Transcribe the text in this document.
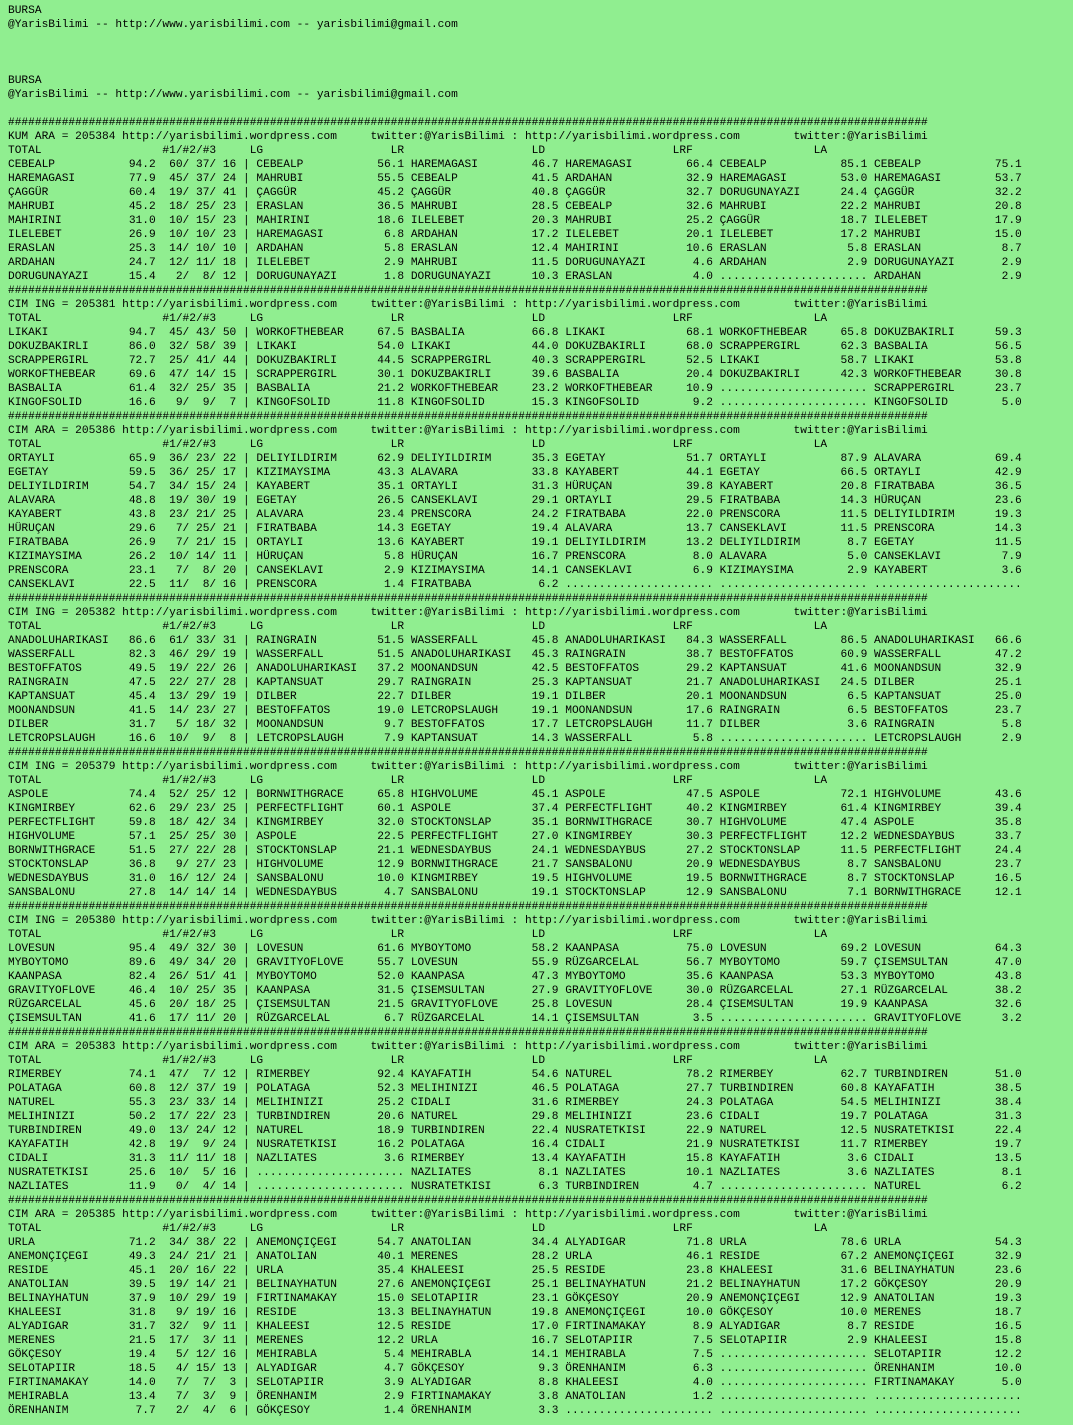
BURSA
@YarisBilimi -- http://www.yarisbilimi.com -- yarisbilimi@gmail.com

BURSA
@YarisBilimi -- http://www.yarisbilimi.com -- yarisbilimi@gmail.com

#########################################################################################################################################
KUM ARA = 205384 http://yarisbilimi.wordpress.com     twitter:@YarisBilimi : http://yarisbilimi.wordpress.com        twitter:@YarisBilimi
TOTAL                  #1/#2/#3     LG                   LR                   LD                   LRF                  LA
CEBEALP           94.2  60/ 37/ 16 | CEBEALP           56.1 HAREMAGASI        46.7 HAREMAGASI        66.4 CEBEALP           85.1 CEBEALP           75.1
HAREMAGASI        77.9  45/ 37/ 24 | MAHRUBI           55.5 CEBEALP           41.5 ARDAHAN           32.9 HAREMAGASI        53.0 HAREMAGASI        53.7
ÇAGGÜR            60.4  19/ 37/ 41 | ÇAGGÜR            45.2 ÇAGGÜR            40.8 ÇAGGÜR            32.7 DORUGUNAYAZI      24.4 ÇAGGÜR            32.2
MAHRUBI           45.2  18/ 25/ 23 | ERASLAN           36.5 MAHRUBI           28.5 CEBEALP           32.6 MAHRUBI           22.2 MAHRUBI           20.8
MAHIRINI          31.0  10/ 15/ 23 | MAHIRINI          18.6 ILELEBET          20.3 MAHRUBI           25.2 ÇAGGÜR            18.7 ILELEBET          17.9
ILELEBET          26.9  10/ 10/ 23 | HAREMAGASI         6.8 ARDAHAN           17.2 ILELEBET          20.1 ILELEBET          17.2 MAHRUBI           15.0
ERASLAN           25.3  14/ 10/ 10 | ARDAHAN            5.8 ERASLAN           12.4 MAHIRINI          10.6 ERASLAN            5.8 ERASLAN            8.7
ARDAHAN           24.7  12/ 11/ 18 | ILELEBET           2.9 MAHRUBI           11.5 DORUGUNAYAZI       4.6 ARDAHAN            2.9 DORUGUNAYAZI       2.9
DORUGUNAYAZI      15.4   2/  8/ 12 | DORUGUNAYAZI       1.8 DORUGUNAYAZI      10.3 ERASLAN            4.0 ...................... ARDAHAN            2.9
#########################################################################################################################################
CIM ING = 205381 http://yarisbilimi.wordpress.com     twitter:@YarisBilimi : http://yarisbilimi.wordpress.com        twitter:@YarisBilimi
TOTAL                  #1/#2/#3     LG                   LR                   LD                   LRF                  LA
LIKAKI            94.7  45/ 43/ 50 | WORKOFTHEBEAR     67.5 BASBALIA          66.8 LIKAKI            68.1 WORKOFTHEBEAR     65.8 DOKUZBAKIRLI      59.3
DOKUZBAKIRLI      86.0  32/ 58/ 39 | LIKAKI            54.0 LIKAKI            44.0 DOKUZBAKIRLI      68.0 SCRAPPERGIRL      62.3 BASBALIA          56.5
SCRAPPERGIRL      72.7  25/ 41/ 44 | DOKUZBAKIRLI      44.5 SCRAPPERGIRL      40.3 SCRAPPERGIRL      52.5 LIKAKI            58.7 LIKAKI            53.8
WORKOFTHEBEAR     69.6  47/ 14/ 15 | SCRAPPERGIRL      30.1 DOKUZBAKIRLI      39.6 BASBALIA          20.4 DOKUZBAKIRLI      42.3 WORKOFTHEBEAR     30.8
BASBALIA          61.4  32/ 25/ 35 | BASBALIA          21.2 WORKOFTHEBEAR     23.2 WORKOFTHEBEAR     10.9 ...................... SCRAPPERGIRL      23.7
KINGOFSOLID       16.6   9/  9/  7 | KINGOFSOLID       11.8 KINGOFSOLID       15.3 KINGOFSOLID        9.2 ...................... KINGOFSOLID        5.0
#########################################################################################################################################
CIM ARA = 205386 http://yarisbilimi.wordpress.com     twitter:@YarisBilimi : http://yarisbilimi.wordpress.com        twitter:@YarisBilimi
TOTAL                  #1/#2/#3     LG                   LR                   LD                   LRF                  LA
ORTAYLI           65.9  36/ 23/ 22 | DELIYILDIRIM      62.9 DELIYILDIRIM      35.3 EGETAY            51.7 ORTAYLI           87.9 ALAVARA           69.4
EGETAY            59.5  36/ 25/ 17 | KIZIMAYSIMA       43.3 ALAVARA           33.8 KAYABERT          44.1 EGETAY            66.5 ORTAYLI           42.9
DELIYILDIRIM      54.7  34/ 15/ 24 | KAYABERT          35.1 ORTAYLI           31.3 HÜRUÇAN           39.8 KAYABERT          20.8 FIRATBABA         36.5
ALAVARA           48.8  19/ 30/ 19 | EGETAY            26.5 CANSEKLAVI        29.1 ORTAYLI           29.5 FIRATBABA         14.3 HÜRUÇAN           23.6
KAYABERT          43.8  23/ 21/ 25 | ALAVARA           23.4 PRENSCORA         24.2 FIRATBABA         22.0 PRENSCORA         11.5 DELIYILDIRIM      19.3
HÜRUÇAN           29.6   7/ 25/ 21 | FIRATBABA         14.3 EGETAY            19.4 ALAVARA           13.7 CANSEKLAVI        11.5 PRENSCORA         14.3
FIRATBABA         26.9   7/ 21/ 15 | ORTAYLI           13.6 KAYABERT          19.1 DELIYILDIRIM      13.2 DELIYILDIRIM       8.7 EGETAY            11.5
KIZIMAYSIMA       26.2  10/ 14/ 11 | HÜRUÇAN            5.8 HÜRUÇAN           16.7 PRENSCORA          8.0 ALAVARA            5.0 CANSEKLAVI         7.9
PRENSCORA         23.1   7/  8/ 20 | CANSEKLAVI         2.9 KIZIMAYSIMA       14.1 CANSEKLAVI         6.9 KIZIMAYSIMA        2.9 KAYABERT           3.6
CANSEKLAVI        22.5  11/  8/ 16 | PRENSCORA          1.4 FIRATBABA          6.2 ...................... ...................... ......................
#########################################################################################################################################
CIM ING = 205382 http://yarisbilimi.wordpress.com     twitter:@YarisBilimi : http://yarisbilimi.wordpress.com        twitter:@YarisBilimi
TOTAL                  #1/#2/#3     LG                   LR                   LD                   LRF                  LA
ANADOLUHARIKASI   86.6  61/ 33/ 31 | RAINGRAIN         51.5 WASSERFALL        45.8 ANADOLUHARIKASI   84.3 WASSERFALL        86.5 ANADOLUHARIKASI   66.6
WASSERFALL        82.3  46/ 29/ 19 | WASSERFALL        51.5 ANADOLUHARIKASI   45.3 RAINGRAIN         38.7 BESTOFFATOS       60.9 WASSERFALL        47.2
BESTOFFATOS       49.5  19/ 22/ 26 | ANADOLUHARIKASI   37.2 MOONANDSUN        42.5 BESTOFFATOS       29.2 KAPTANSUAT        41.6 MOONANDSUN        32.9
RAINGRAIN         47.5  22/ 27/ 28 | KAPTANSUAT        29.7 RAINGRAIN         25.3 KAPTANSUAT        21.7 ANADOLUHARIKASI   24.5 DILBER            25.1
KAPTANSUAT        45.4  13/ 29/ 19 | DILBER            22.7 DILBER            19.1 DILBER            20.1 MOONANDSUN         6.5 KAPTANSUAT        25.0
MOONANDSUN        41.5  14/ 23/ 27 | BESTOFFATOS       19.0 LETCROPSLAUGH     19.1 MOONANDSUN        17.6 RAINGRAIN          6.5 BESTOFFATOS       23.7
DILBER            31.7   5/ 18/ 32 | MOONANDSUN         9.7 BESTOFFATOS       17.7 LETCROPSLAUGH     11.7 DILBER             3.6 RAINGRAIN          5.8
LETCROPSLAUGH     16.6  10/  9/  8 | LETCROPSLAUGH      7.9 KAPTANSUAT        14.3 WASSERFALL         5.8 ...................... LETCROPSLAUGH      2.9
#########################################################################################################################################
CIM ING = 205379 http://yarisbilimi.wordpress.com     twitter:@YarisBilimi : http://yarisbilimi.wordpress.com        twitter:@YarisBilimi
TOTAL                  #1/#2/#3     LG                   LR                   LD                   LRF                  LA
ASPOLE            74.4  52/ 25/ 12 | BORNWITHGRACE     65.8 HIGHVOLUME        45.1 ASPOLE            47.5 ASPOLE            72.1 HIGHVOLUME        43.6
KINGMIRBEY        62.6  29/ 23/ 25 | PERFECTFLIGHT     60.1 ASPOLE            37.4 PERFECTFLIGHT     40.2 KINGMIRBEY        61.4 KINGMIRBEY        39.4
PERFECTFLIGHT     59.8  18/ 42/ 34 | KINGMIRBEY        32.0 STOCKTONSLAP      35.1 BORNWITHGRACE     30.7 HIGHVOLUME        47.4 ASPOLE            35.8
HIGHVOLUME        57.1  25/ 25/ 30 | ASPOLE            22.5 PERFECTFLIGHT     27.0 KINGMIRBEY        30.3 PERFECTFLIGHT     12.2 WEDNESDAYBUS      33.7
BORNWITHGRACE     51.5  27/ 22/ 28 | STOCKTONSLAP      21.1 WEDNESDAYBUS      24.1 WEDNESDAYBUS      27.2 STOCKTONSLAP      11.5 PERFECTFLIGHT     24.4
STOCKTONSLAP      36.8   9/ 27/ 23 | HIGHVOLUME        12.9 BORNWITHGRACE     21.7 SANSBALONU        20.9 WEDNESDAYBUS       8.7 SANSBALONU        23.7
WEDNESDAYBUS      31.0  16/ 12/ 24 | SANSBALONU        10.0 KINGMIRBEY        19.5 HIGHVOLUME        19.5 BORNWITHGRACE      8.7 STOCKTONSLAP      16.5
SANSBALONU        27.8  14/ 14/ 14 | WEDNESDAYBUS       4.7 SANSBALONU        19.1 STOCKTONSLAP      12.9 SANSBALONU         7.1 BORNWITHGRACE     12.1
#########################################################################################################################################
CIM ING = 205380 http://yarisbilimi.wordpress.com     twitter:@YarisBilimi : http://yarisbilimi.wordpress.com        twitter:@YarisBilimi
TOTAL                  #1/#2/#3     LG                   LR                   LD                   LRF                  LA
LOVESUN           95.4  49/ 32/ 30 | LOVESUN           61.6 MYBOYTOMO         58.2 KAANPASA          75.0 LOVESUN           69.2 LOVESUN           64.3
MYBOYTOMO         89.6  49/ 34/ 20 | GRAVITYOFLOVE     55.7 LOVESUN           55.9 RÜZGARCELAL       56.7 MYBOYTOMO         59.7 ÇISEMSULTAN       47.0
KAANPASA          82.4  26/ 51/ 41 | MYBOYTOMO         52.0 KAANPASA          47.3 MYBOYTOMO         35.6 KAANPASA          53.3 MYBOYTOMO         43.8
GRAVITYOFLOVE     46.4  10/ 25/ 35 | KAANPASA          31.5 ÇISEMSULTAN       27.9 GRAVITYOFLOVE     30.0 RÜZGARCELAL       27.1 RÜZGARCELAL       38.2
RÜZGARCELAL       45.6  20/ 18/ 25 | ÇISEMSULTAN       21.5 GRAVITYOFLOVE     25.8 LOVESUN           28.4 ÇISEMSULTAN       19.9 KAANPASA          32.6
ÇISEMSULTAN       41.6  17/ 11/ 20 | RÜZGARCELAL        6.7 RÜZGARCELAL       14.1 ÇISEMSULTAN        3.5 ...................... GRAVITYOFLOVE      3.2
#########################################################################################################################################
CIM ARA = 205383 http://yarisbilimi.wordpress.com     twitter:@YarisBilimi : http://yarisbilimi.wordpress.com        twitter:@YarisBilimi
TOTAL                  #1/#2/#3     LG                   LR                   LD                   LRF                  LA
RIMERBEY          74.1  47/  7/ 12 | RIMERBEY          92.4 KAYAFATIH         54.6 NATUREL           78.2 RIMERBEY          62.7 TURBINDIREN       51.0
POLATAGA          60.8  12/ 37/ 19 | POLATAGA          52.3 MELIHINIZI        46.5 POLATAGA          27.7 TURBINDIREN       60.8 KAYAFATIH         38.5
NATUREL           55.3  23/ 33/ 14 | MELIHINIZI        25.2 CIDALI            31.6 RIMERBEY          24.3 POLATAGA          54.5 MELIHINIZI        38.4
MELIHINIZI        50.2  17/ 22/ 23 | TURBINDIREN       20.6 NATUREL           29.8 MELIHINIZI        23.6 CIDALI            19.7 POLATAGA          31.3
TURBINDIREN       49.0  13/ 24/ 12 | NATUREL           18.9 TURBINDIREN       22.4 NUSRATETKISI      22.9 NATUREL           12.5 NUSRATETKISI      22.4
KAYAFATIH         42.8  19/  9/ 24 | NUSRATETKISI      16.2 POLATAGA          16.4 CIDALI            21.9 NUSRATETKISI      11.7 RIMERBEY          19.7
CIDALI            31.3  11/ 11/ 18 | NAZLIATES          3.6 RIMERBEY          13.4 KAYAFATIH         15.8 KAYAFATIH          3.6 CIDALI            13.5
NUSRATETKISI      25.6  10/  5/ 16 | ...................... NAZLIATES          8.1 NAZLIATES         10.1 NAZLIATES          3.6 NAZLIATES          8.1
NAZLIATES         11.9   0/  4/ 14 | ...................... NUSRATETKISI       6.3 TURBINDIREN        4.7 ...................... NATUREL            6.2
#########################################################################################################################################
CIM ARA = 205385 http://yarisbilimi.wordpress.com     twitter:@YarisBilimi : http://yarisbilimi.wordpress.com        twitter:@YarisBilimi
TOTAL                  #1/#2/#3     LG                   LR                   LD                   LRF                  LA
URLA              71.2  34/ 38/ 22 | ANEMONÇIÇEGI      54.7 ANATOLIAN         34.4 ALYADIGAR         71.8 URLA              78.6 URLA              54.3
ANEMONÇIÇEGI      49.3  24/ 21/ 21 | ANATOLIAN         40.1 MERENES           28.2 URLA              46.1 RESIDE            67.2 ANEMONÇIÇEGI      32.9
RESIDE            45.1  20/ 16/ 22 | URLA              35.4 KHALEESI          25.5 RESIDE            23.8 KHALEESI          31.6 BELINAYHATUN      23.6
ANATOLIAN         39.5  19/ 14/ 21 | BELINAYHATUN      27.6 ANEMONÇIÇEGI      25.1 BELINAYHATUN      21.2 BELINAYHATUN      17.2 GÖKÇESOY          20.9
BELINAYHATUN      37.9  10/ 29/ 19 | FIRTINAMAKAY      15.0 SELOTAPIIR        23.1 GÖKÇESOY          20.9 ANEMONÇIÇEGI      12.9 ANATOLIAN         19.3
KHALEESI          31.8   9/ 19/ 16 | RESIDE            13.3 BELINAYHATUN      19.8 ANEMONÇIÇEGI      10.0 GÖKÇESOY          10.0 MERENES           18.7
ALYADIGAR         31.7  32/  9/ 11 | KHALEESI          12.5 RESIDE            17.0 FIRTINAMAKAY       8.9 ALYADIGAR          8.7 RESIDE            16.5
MERENES           21.5  17/  3/ 11 | MERENES           12.2 URLA              16.7 SELOTAPIIR         7.5 SELOTAPIIR         2.9 KHALEESI          15.8
GÖKÇESOY          19.4   5/ 12/ 16 | MEHIRABLA          5.4 MEHIRABLA         14.1 MEHIRABLA          7.5 ...................... SELOTAPIIR        12.2
SELOTAPIIR        18.5   4/ 15/ 13 | ALYADIGAR          4.7 GÖKÇESOY           9.3 ÖRENHANIM          6.3 ...................... ÖRENHANIM         10.0
FIRTINAMAKAY      14.0   7/  7/  3 | SELOTAPIIR         3.9 ALYADIGAR          8.8 KHALEESI           4.0 ...................... FIRTINAMAKAY       5.0
MEHIRABLA         13.4   7/  3/  9 | ÖRENHANIM          2.9 FIRTINAMAKAY       3.8 ANATOLIAN          1.2 ...................... ......................
ÖRENHANIM          7.7   2/  4/  6 | GÖKÇESOY           1.4 ÖRENHANIM          3.3 ...................... ...................... ......................
